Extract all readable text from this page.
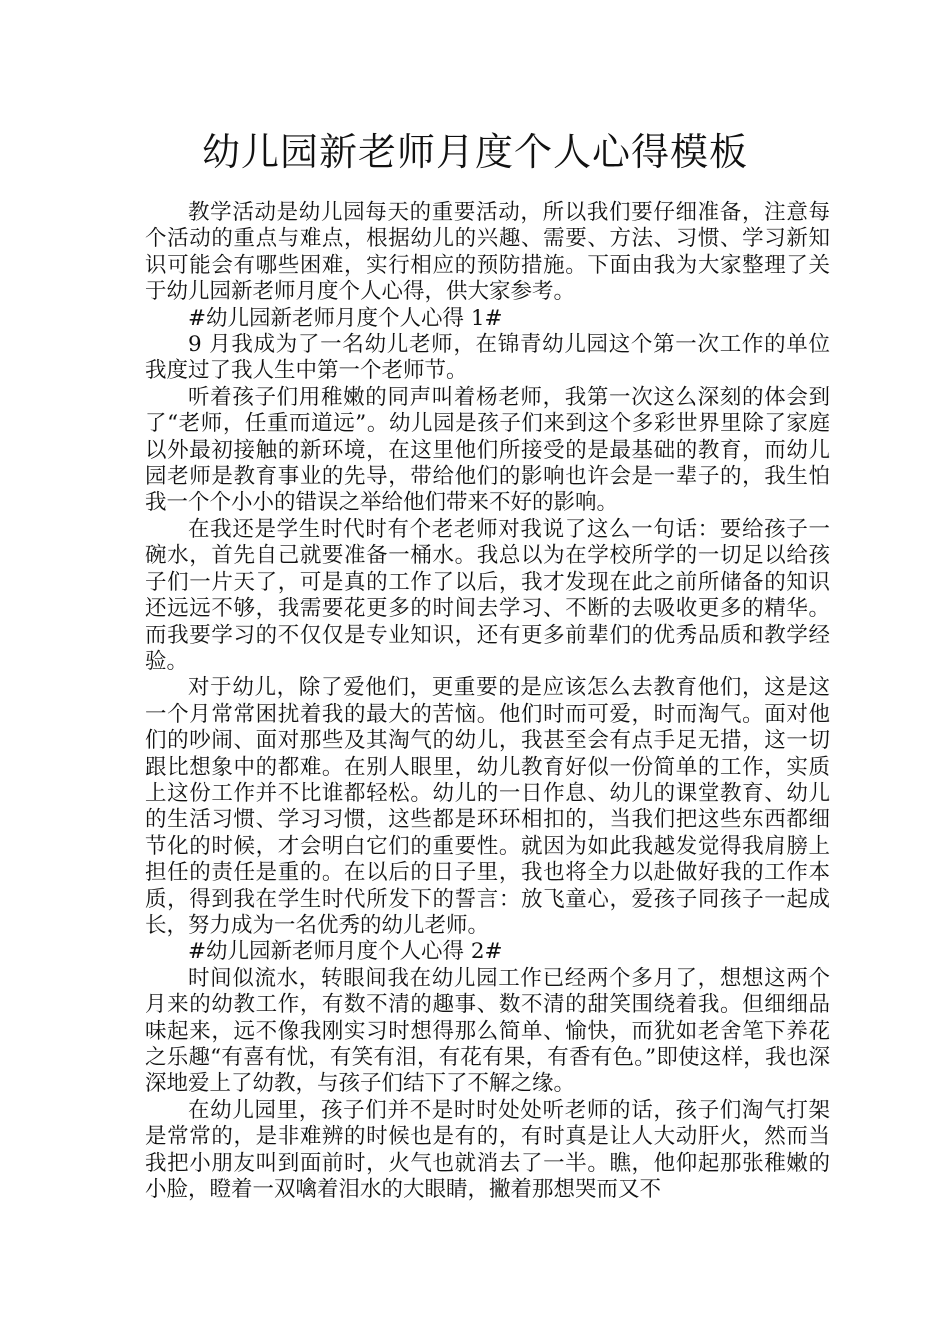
幼儿园新老师月度个人心得模板

教学活动是幼儿园每天的重要活动，所以我们要仔细准备，注意每个活动的重点与难点，根据幼儿的兴趣、需要、方法、习惯、学习新知识可能会有哪些困难，实行相应的预防措施。下面由我为大家整理了关于幼儿园新老师月度个人心得，供大家参考。

#幼儿园新老师月度个人心得 1#

9 月我成为了一名幼儿老师，在锦青幼儿园这个第一次工作的单位我度过了我人生中第一个老师节。

听着孩子们用稚嫩的同声叫着杨老师，我第一次这么深刻的体会到了“老师，任重而道远”。幼儿园是孩子们来到这个多彩世界里除了家庭以外最初接触的新环境，在这里他们所接受的是最基础的教育，而幼儿园老师是教育事业的先导，带给他们的影响也许会是一辈子的，我生怕我一个个小小的错误之举给他们带来不好的影响。

在我还是学生时代时有个老老师对我说了这么一句话：要给孩子一碗水，首先自己就要准备一桶水。我总以为在学校所学的一切足以给孩子们一片天了，可是真的工作了以后，我才发现在此之前所储备的知识还远远不够，我需要花更多的时间去学习、不断的去吸收更多的精华。而我要学习的不仅仅是专业知识，还有更多前辈们的优秀品质和教学经验。

对于幼儿，除了爱他们，更重要的是应该怎么去教育他们，这是这一个月常常困扰着我的最大的苦恼。他们时而可爱，时而淘气。面对他们的吵闹、面对那些及其淘气的幼儿，我甚至会有点手足无措，这一切跟比想象中的都难。在别人眼里，幼儿教育好似一份简单的工作，实质上这份工作并不比谁都轻松。幼儿的一日作息、幼儿的课堂教育、幼儿的生活习惯、学习习惯，这些都是环环相扣的，当我们把这些东西都细节化的时候，才会明白它们的重要性。就因为如此我越发觉得我肩膀上担任的责任是重的。在以后的日子里，我也将全力以赴做好我的工作本质，得到我在学生时代所发下的誓言：放飞童心，爱孩子同孩子一起成长，努力成为一名优秀的幼儿老师。

#幼儿园新老师月度个人心得 2#

时间似流水，转眼间我在幼儿园工作已经两个多月了，想想这两个月来的幼教工作，有数不清的趣事、数不清的甜笑围绕着我。但细细品味起来，远不像我刚实习时想得那么简单、愉快，而犹如老舍笔下养花之乐趣“有喜有忧，有笑有泪，有花有果，有香有色。”即使这样，我也深深地爱上了幼教，与孩子们结下了不解之缘。

在幼儿园里，孩子们并不是时时处处听老师的话，孩子们淘气打架是常常的，是非难辨的时候也是有的，有时真是让人大动肝火，然而当我把小朋友叫到面前时，火气也就消去了一半。瞧，他仰起那张稚嫩的小脸，瞪着一双噙着泪水的大眼睛，撇着那想哭而又不
